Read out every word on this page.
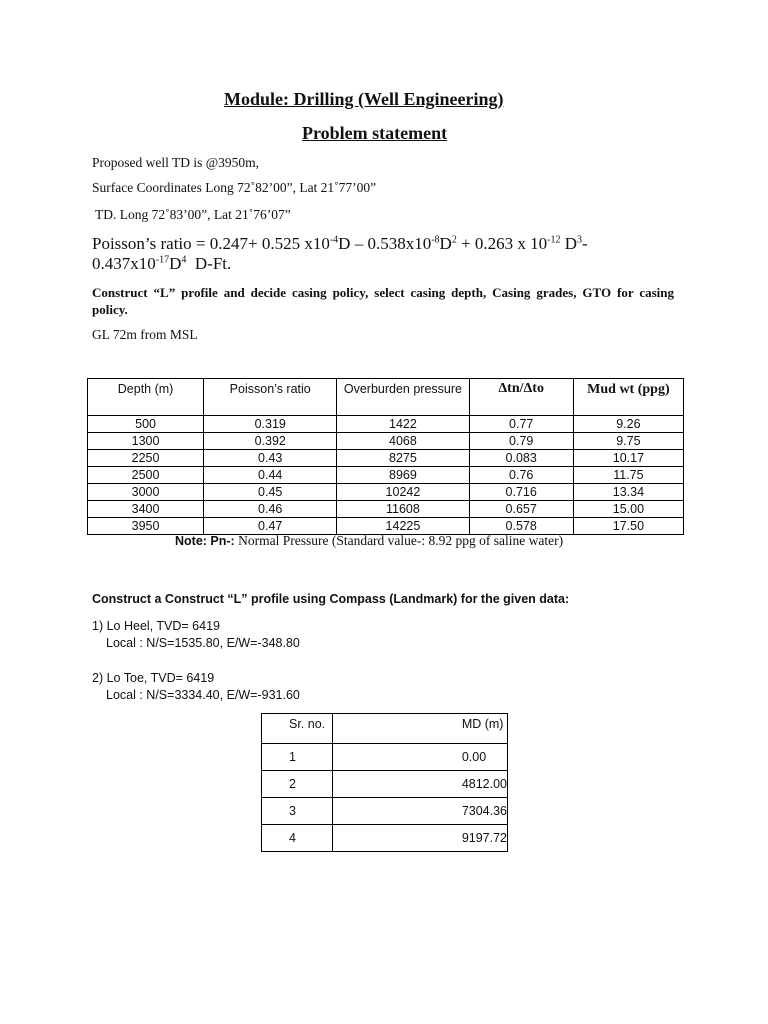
Module: Drilling (Well Engineering)
Problem statement
Proposed well TD is @3950m,
Surface Coordinates Long 72˚82’00”, Lat 21˚77’00”
TD. Long 72˚83’00”, Lat 21˚76’07”
Poisson’s ratio = 0.247+ 0.525 $x10^{-4}D - 0.538x10^{-8}D^2 + 0.263$ x $10^{-12}$ $D^3-$
$0.437x10^{-17}D^4$  D-Ft.
Construct “L” profile and decide casing policy, select casing depth, Casing grades, GTO for casing policy.
GL 72m from MSL
Depth (m)	Poisson’s ratio	Overburden pressure	Δtn/Δto	Mud wt (ppg)
500	0.319	1422	0.77	9.26
1300	0.392	4068	0.79	9.75
2250	0.43	8275	0.083	10.17
2500	0.44	8969	0.76	11.75
3000	0.45	10242	0.716	13.34
3400	0.46	11608	0.657	15.00
3950	0.47	14225	0.578	17.50
Note: Pn-: Normal Pressure (Standard value-: 8.92 ppg of saline water)
Construct a Construct “L” profile using Compass (Landmark) for the given data:
1) Lo Heel, TVD= 6419
Local : N/S=1535.80, E/W=-348.80
2) Lo Toe, TVD= 6419
Local : N/S=3334.40, E/W=-931.60
Sr. no.	MD (m)
1	0.00
2	4812.00
3	7304.36
4	9197.72
